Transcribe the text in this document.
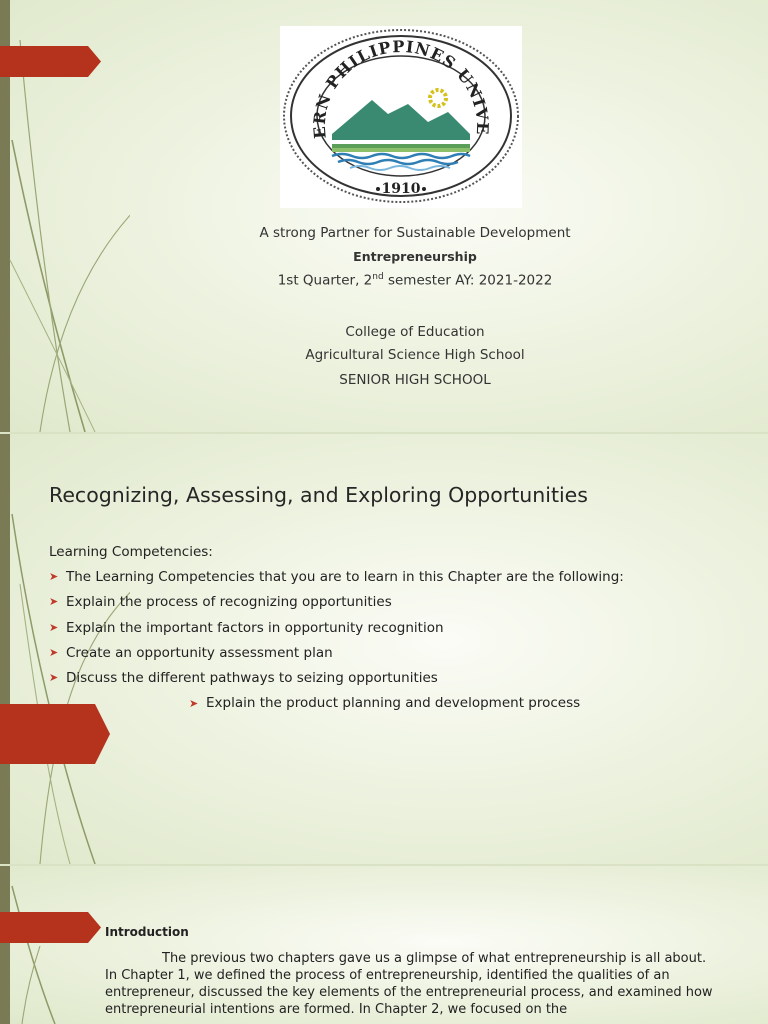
ERN PHILIPPINES UNIVE
1910
A strong Partner for Sustainable Development
Entrepreneurship
1st Quarter, 2nd semester AY: 2021-2022
College of Education
Agricultural Science High School
SENIOR HIGH SCHOOL
Recognizing, Assessing, and Exploring Opportunities
Learning Competencies:
➤ The Learning Competencies that you are to learn in this Chapter are the following:
➤ Explain the process of recognizing opportunities
➤ Explain the important factors in opportunity recognition
➤ Create an opportunity assessment plan
➤ Discuss the different pathways to seizing opportunities
➤ Explain the product planning and development process
Introduction

The previous two chapters gave us a glimpse of what entrepreneurship is all about. In Chapter 1, we defined the process of entrepreneurship, identified the qualities of an entrepreneur, discussed the key elements of the entrepreneurial process, and examined how entrepreneurial intentions are formed. In Chapter 2, we focused on the
